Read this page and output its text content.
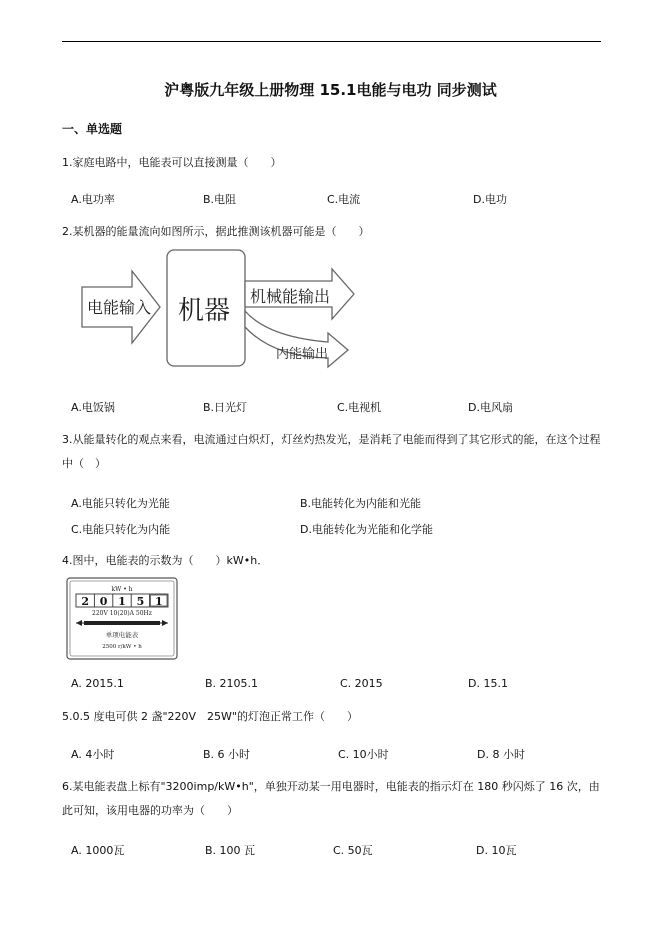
沪粤版九年级上册物理 15.1电能与电功 同步测试
一、单选题
1.家庭电路中，电能表可以直接测量（　　）
A.电功率	B.电阻	C.电流	D.电功
2.某机器的能量流向如图所示，据此推测该机器可能是（　　）
电能输入 机器 机械能输出
内能输出
A.电饭锅	B.日光灯	C.电视机	D.电风扇
3.从能量转化的观点来看，电流通过白炽灯，灯丝灼热发光，是消耗了电能而得到了其它形式的能，在这个过程中（　）
A.电能只转化为光能	B.电能转化为内能和光能
C.电能只转化为内能	D.电能转化为光能和化学能
4.图中，电能表的示数为（　　）kW•h．
kW • h
2 0 1 5 1
220V 10(20)A 50Hz
单项电能表
2500 r/kW • h
A. 2015.1	B. 2105.1	C. 2015	D. 15.1
5.0.5 度电可供 2 盏"220V　25W"的灯泡正常工作（　　）
A. 4小时	B. 6 小时	C. 10小时	D. 8 小时
6.某电能表盘上标有"3200imp/kW•h"，单独开动某一用电器时，电能表的指示灯在 180 秒闪烁了 16 次，由此可知，该用电器的功率为（　　）
A. 1000瓦	B. 100 瓦	C. 50瓦	D. 10瓦
